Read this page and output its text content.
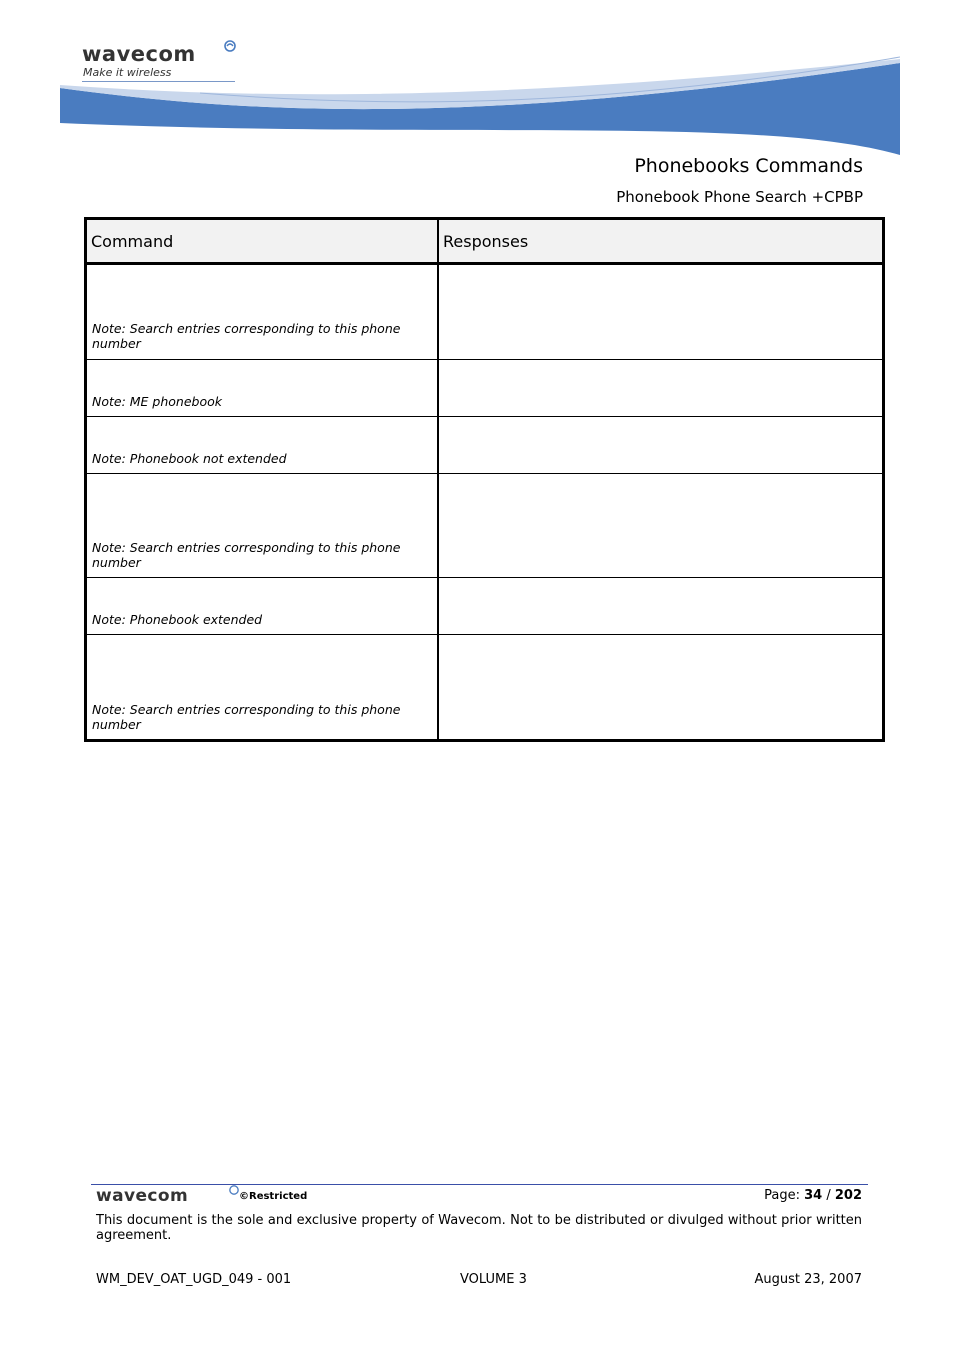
wavecom
Make it wireless
Phonebooks Commands
Phonebook Phone Search +CPBP
Command	Responses
Note: Search entries corresponding to this phone number
Note: ME phonebook
Note: Phonebook not extended
Note: Search entries corresponding to this phone number
Note: Phonebook extended
Note: Search entries corresponding to this phone number
wavecom	©Restricted	Page: 34 / 202
This document is the sole and exclusive property of Wavecom. Not to be distributed or divulged without prior written agreement.
WM_DEV_OAT_UGD_049 - 001	VOLUME 3	August 23, 2007
